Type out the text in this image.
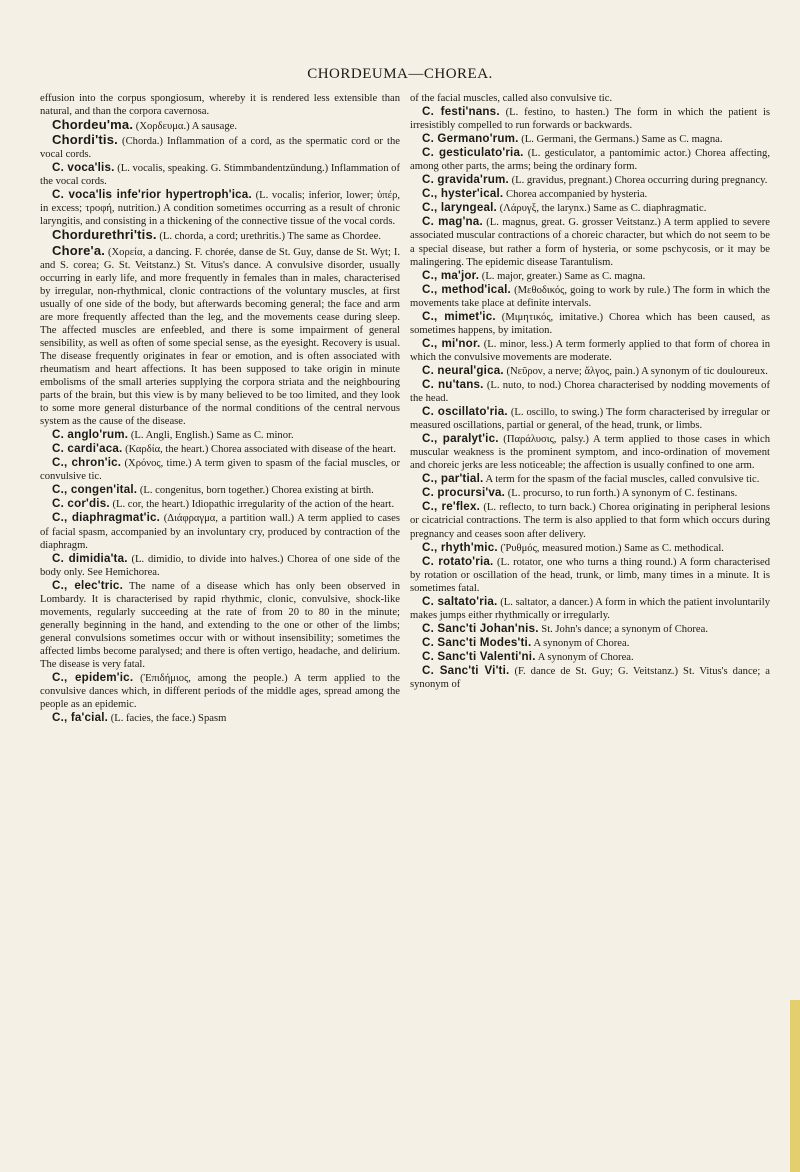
CHORDEUMA—CHOREA.

effusion into the corpus spongiosum, whereby it is rendered less extensible than natural, and than the corpora cavernosa.

Chordeu'ma. (Χορδευμα.) A sausage.

Chordi'tis. (Chorda.) Inflammation of a cord, as the spermatic cord or the vocal cords.

C. voca'lis. (L. vocalis, speaking. G. Stimmbandentzündung.) Inflammation of the vocal cords.

C. voca'lis infe'rior hypertroph'ica. (L. vocalis; inferior, lower; ὑπέρ, in excess; τροφή, nutrition.) A condition sometimes occurring as a result of chronic laryngitis, and consisting in a thickening of the connective tissue of the vocal cords.

Chordurethri'tis. (L. chorda, a cord; urethritis.) The same as Chordee.

Chore'a. (Χορεία, a dancing. F. chorée, danse de St. Guy, danse de St. Wyt; I. and S. corea; G. St. Veitstanz.) St. Vitus's dance. A convulsive disorder, usually occurring in early life, and more frequently in females than in males, characterised by irregular, non-rhythmical, clonic contractions of the voluntary muscles, at first usually of one side of the body, but afterwards becoming general; the face and arm are more frequently affected than the leg, and the movements cease during sleep. The affected muscles are enfeebled, and there is some impairment of general sensibility, as well as often of some special sense, as the eyesight. Recovery is usual. The disease frequently originates in fear or emotion, and is often associated with rheumatism and heart affections. It has been supposed to take origin in minute embolisms of the small arteries supplying the corpora striata and the neighbouring parts of the brain, but this view is by many believed to be too limited, and they look to some more general disturbance of the normal conditions of the central nervous system as the cause of the disease.

C. anglo'rum. (L. Angli, English.) Same as C. minor.

C. cardi'aca. (Καρδία, the heart.) Chorea associated with disease of the heart.

C., chron'ic. (Χρόνος, time.) A term given to spasm of the facial muscles, or convulsive tic.

C., congen'ital. (L. congenitus, born together.) Chorea existing at birth.

C. cor'dis. (L. cor, the heart.) Idiopathic irregularity of the action of the heart.

C., diaphragmat'ic. (Διάφραγμα, a partition wall.) A term applied to cases of facial spasm, accompanied by an involuntary cry, produced by contraction of the diaphragm.

C. dimidia'ta. (L. dimidio, to divide into halves.) Chorea of one side of the body only. See Hemichorea.

C., elec'tric. The name of a disease which has only been observed in Lombardy. It is characterised by rapid rhythmic, clonic, convulsive, shock-like movements, regularly succeeding at the rate of from 20 to 80 in the minute; generally beginning in the hand, and extending to the one or other of the limbs; general convulsions sometimes occur with or without insensibility; sometimes the affected limbs become paralysed; and there is often vertigo, headache, and delirium. The disease is very fatal.

C., epidem'ic. (Ἐπιδήμιος, among the people.) A term applied to the convulsive dances which, in different periods of the middle ages, spread among the people as an epidemic.

C., fa'cial. (L. facies, the face.) Spasm

of the facial muscles, called also convulsive tic.

C. festi'nans. (L. festino, to hasten.) The form in which the patient is irresistibly compelled to run forwards or backwards.

C. Germano'rum. (L. Germani, the Germans.) Same as C. magna.

C. gesticulato'ria. (L. gesticulator, a pantomimic actor.) Chorea affecting, among other parts, the arms; being the ordinary form.

C. gravida'rum. (L. gravidus, pregnant.) Chorea occurring during pregnancy.

C., hyster'ical. Chorea accompanied by hysteria.

C., laryngeal. (Λάρυγξ, the larynx.) Same as C. diaphragmatic.

C. mag'na. (L. magnus, great. G. grosser Veitstanz.) A term applied to severe associated muscular contractions of a choreic character, but which do not seem to be a special disease, but rather a form of hysteria, or some pschycosis, or it may be malingering. The epidemic disease Tarantulism.

C., ma'jor. (L. major, greater.) Same as C. magna.

C., method'ical. (Μεθοδικός, going to work by rule.) The form in which the movements take place at definite intervals.

C., mimet'ic. (Μιμητικός, imitative.) Chorea which has been caused, as sometimes happens, by imitation.

C., mi'nor. (L. minor, less.) A term formerly applied to that form of chorea in which the convulsive movements are moderate.

C. neural'gica. (Νεῦρον, a nerve; ἄλγος, pain.) A synonym of tic douloureux.

C. nu'tans. (L. nuto, to nod.) Chorea characterised by nodding movements of the head.

C. oscillato'ria. (L. oscillo, to swing.) The form characterised by irregular or measured oscillations, partial or general, of the head, trunk, or limbs.

C., paralyt'ic. (Παράλυσις, palsy.) A term applied to those cases in which muscular weakness is the prominent symptom, and inco-ordination of movement and choreic jerks are less noticeable; the affection is usually confined to one arm.

C., par'tial. A term for the spasm of the facial muscles, called convulsive tic.

C. procursi'va. (L. procurso, to run forth.) A synonym of C. festinans.

C., re'flex. (L. reflecto, to turn back.) Chorea originating in peripheral lesions or cicatricial contractions. The term is also applied to that form which occurs during pregnancy and ceases soon after delivery.

C., rhyth'mic. (Ῥυθμός, measured motion.) Same as C. methodical.

C. rotato'ria. (L. rotator, one who turns a thing round.) A form characterised by rotation or oscillation of the head, trunk, or limb, many times in a minute. It is sometimes fatal.

C. saltato'ria. (L. saltator, a dancer.) A form in which the patient involuntarily makes jumps either rhythmically or irregularly.

C. Sanc'ti Johan'nis. St. John's dance; a synonym of Chorea.

C. Sanc'ti Modes'ti. A synonym of Chorea.

C. Sanc'ti Valenti'ni. A synonym of Chorea.

C. Sanc'ti Vi'ti. (F. dance de St. Guy; G. Veitstanz.) St. Vitus's dance; a synonym of
